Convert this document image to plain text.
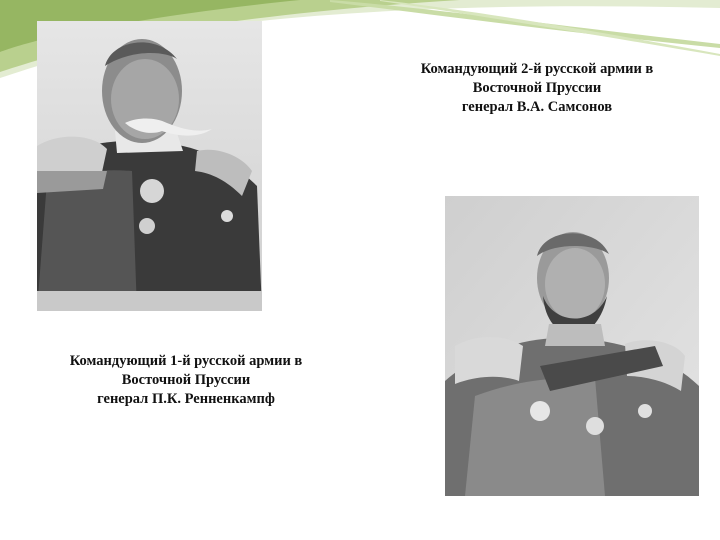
Командующий 2-й русской армии в
Восточной Пруссии
генерал В.А. Самсонов
Командующий 1-й русской армии в
Восточной Пруссии
генерал П.К. Ренненкампф
